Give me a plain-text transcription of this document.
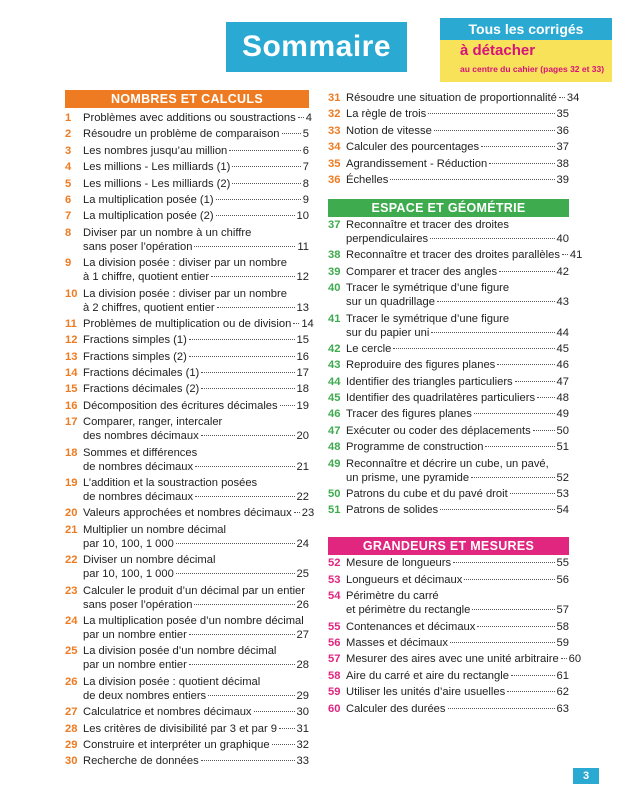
Sommaire
Tous les corrigés
à détacher
au centre du cahier (pages 32 et 33)
NOMBRES ET CALCULS
1	Problèmes avec additions ou soustractions 4
2	Résoudre un problème de comparaison 5
3	Les nombres jusqu’au million	6
4	Les millions - Les milliards (1)	7
5	Les millions - Les milliards (2)	8
6	La multiplication posée (1)	9
7	La multiplication posée (2)	10
8	Diviser par un nombre à un chiffre
sans poser l’opération	11
9	La division posée : diviser par un nombre
à 1 chiffre, quotient entier	12
10 La division posée : diviser par un nombre
à 2 chiffres, quotient entier	13
11 Problèmes de multiplication ou de division 14
12 Fractions simples (1)	15
13 Fractions simples (2)	16
14 Fractions décimales (1)	17
15 Fractions décimales (2)	18
16 Décomposition des écritures décimales 19
17 Comparer, ranger, intercaler
des nombres décimaux	20
18 Sommes et différences
de nombres décimaux	21
19 L’addition et la soustraction posées
de nombres décimaux	22
20 Valeurs approchées et nombres décimaux 23
21 Multiplier un nombre décimal
par 10, 100, 1 000	24
22 Diviser un nombre décimal
par 10, 100, 1 000	25
23 Calculer le produit d’un décimal par un entier
sans poser l’opération	26
24 La multiplication posée d’un nombre décimal
par un nombre entier	27
25 La division posée d’un nombre décimal
par un nombre entier	28
26 La division posée : quotient décimal
de deux nombres entiers	29
27 Calculatrice et nombres décimaux	30
28 Les critères de divisibilité par 3 et par 9 31
29 Construire et interpréter un graphique 32
30 Recherche de données	33
31 Résoudre une situation de proportionnalité 34
32 La règle de trois	35
33 Notion de vitesse	36
34 Calculer des pourcentages	37
35 Agrandissement - Réduction	38
36 Échelles	39
ESPACE ET GÉOMÉTRIE
37 Reconnaître et tracer des droites
perpendiculaires	40
38 Reconnaître et tracer des droites parallèles 41
39 Comparer et tracer des angles	42
40 Tracer le symétrique d’une figure
sur un quadrillage	43
41 Tracer le symétrique d’une figure
sur du papier uni	44
42 Le cercle	45
43 Reproduire des figures planes	46
44 Identifier des triangles particuliers	47
45 Identifier des quadrilatères particuliers 48
46 Tracer des figures planes	49
47 Exécuter ou coder des déplacements 50
48 Programme de construction	51
49 Reconnaître et décrire un cube, un pavé,
un prisme, une pyramide	52
50 Patrons du cube et du pavé droit	53
51 Patrons de solides	54
GRANDEURS ET MESURES
52 Mesure de longueurs	55
53 Longueurs et décimaux	56
54 Périmètre du carré
et périmètre du rectangle	57
55 Contenances et décimaux	58
56 Masses et décimaux	59
57 Mesurer des aires avec une unité arbitraire 60
58 Aire du carré et aire du rectangle	61
59 Utiliser les unités d’aire usuelles	62
60 Calculer des durées	63
3
